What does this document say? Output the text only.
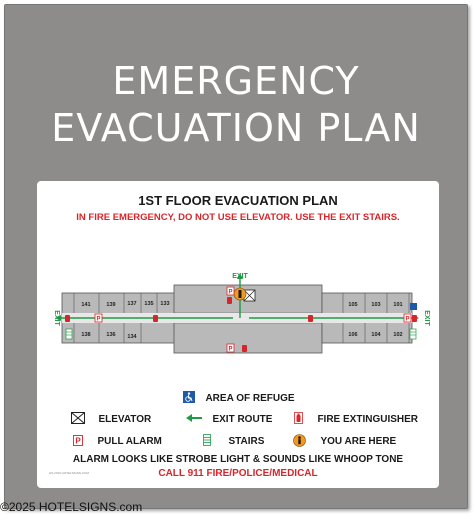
EMERGENCY
EVACUATION PLAN
1ST FLOOR EVACUATION PLAN
IN FIRE EMERGENCY, DO NOT USE ELEVATOR. USE THE EXIT STAIRS.
P
P	P
P
141	139 137 135 133
138	136 134
105	103 101
106	104 102
EXIT
EXIT	EXIT
AREA OF REFUGE
ELEVATOR	EXIT ROUTE	FIRE EXTINGUISHER
P PULL ALARM	STAIRS	YOU ARE HERE
ALARM LOOKS LIKE STROBE LIGHT & SOUNDS LIKE WHOOP TONE
CALL 911 FIRE/POLICE/MEDICAL
HS-2019 HOTELSIGNS.COM
©2025 HOTELSIGNS.com
